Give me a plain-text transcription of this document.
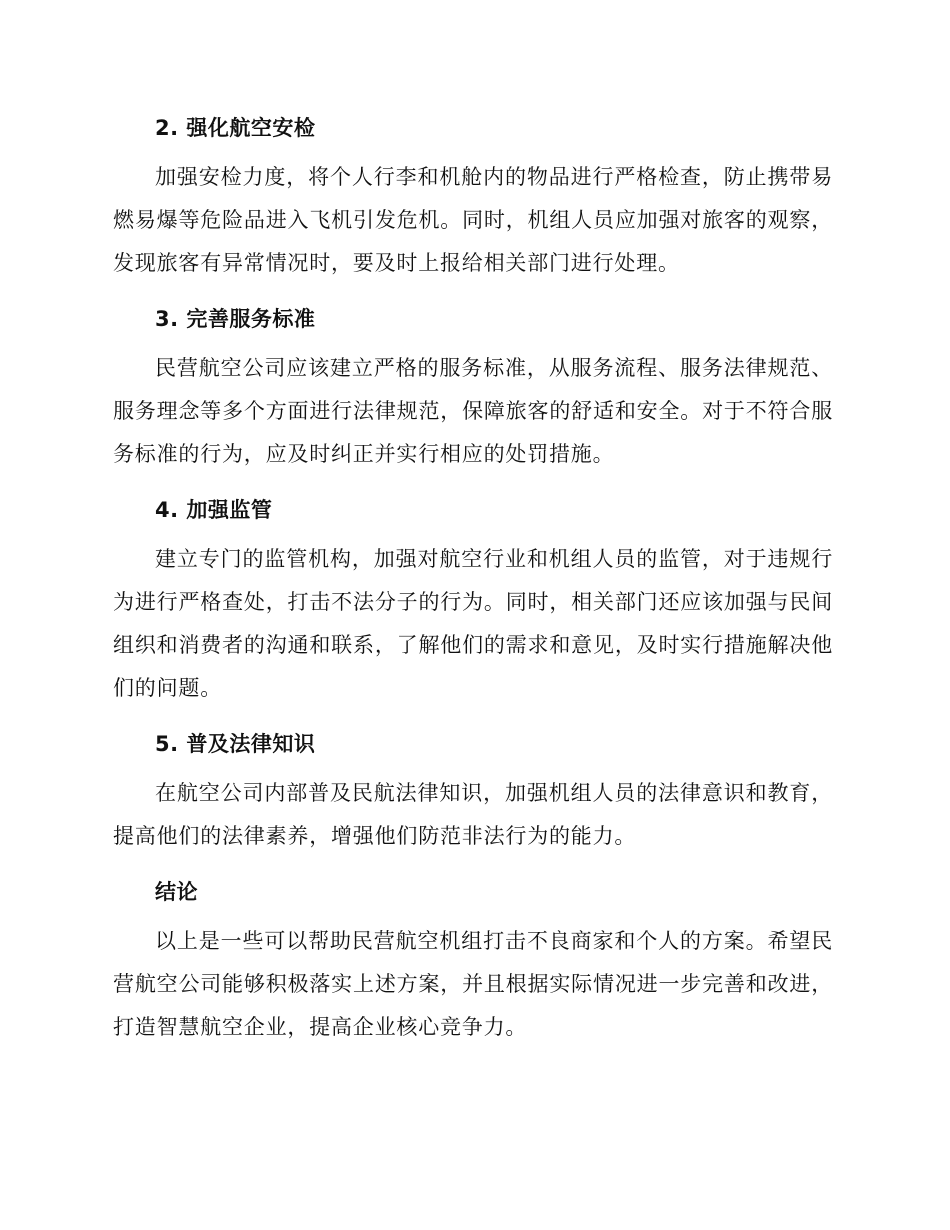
2. 强化航空安检

加强安检力度，将个人行李和机舱内的物品进行严格检查，防止携带易燃易爆等危险品进入飞机引发危机。同时，机组人员应加强对旅客的观察，发现旅客有异常情况时，要及时上报给相关部门进行处理。

3. 完善服务标准

民营航空公司应该建立严格的服务标准，从服务流程、服务法律规范、服务理念等多个方面进行法律规范，保障旅客的舒适和安全。对于不符合服务标准的行为，应及时纠正并实行相应的处罚措施。

4. 加强监管

建立专门的监管机构，加强对航空行业和机组人员的监管，对于违规行为进行严格查处，打击不法分子的行为。同时，相关部门还应该加强与民间组织和消费者的沟通和联系，了解他们的需求和意见，及时实行措施解决他们的问题。

5. 普及法律知识

在航空公司内部普及民航法律知识，加强机组人员的法律意识和教育，提高他们的法律素养，增强他们防范非法行为的能力。

结论

以上是一些可以帮助民营航空机组打击不良商家和个人的方案。希望民营航空公司能够积极落实上述方案，并且根据实际情况进一步完善和改进，打造智慧航空企业，提高企业核心竞争力。
